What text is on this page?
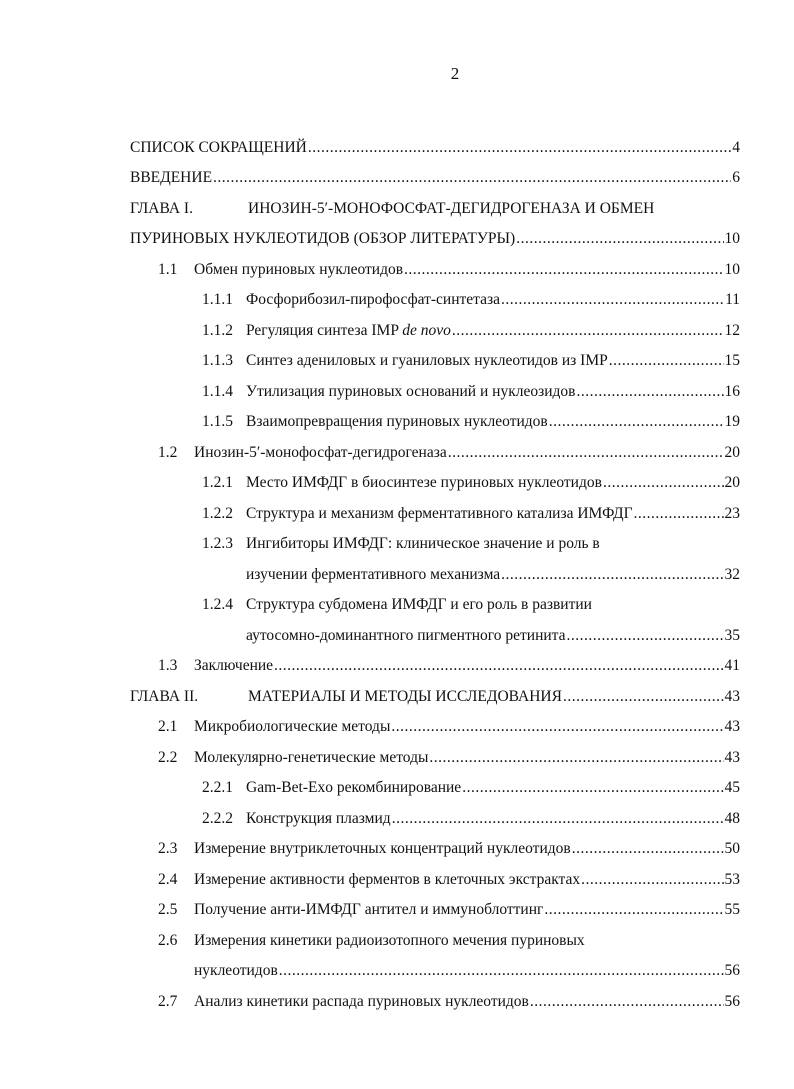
2
СПИСОК СОКРАЩЕНИЙ .....	4
ВВЕДЕНИЕ .....	6
ГЛАВА I.	ИНОЗИН-5′-МОНОФОСФАТ-ДЕГИДРОГЕНАЗА И ОБМЕН
ПУРИНОВЫХ НУКЛЕОТИДОВ (ОБЗОР ЛИТЕРАТУРЫ) .....	10
1.1	Обмен пуриновых нуклеотидов .....	10
1.1.1 Фосфорибозил-пирофосфат-синтетаза .....	11
1.1.2 Регуляция синтеза IMP de novo .....	12
1.1.3 Синтез адениловых и гуаниловых нуклеотидов из IMP .....	15
1.1.4 Утилизация пуриновых оснований и нуклеозидов .....	16
1.1.5 Взаимопревращения пуриновых нуклеотидов .....	19
1.2	Инозин-5′-монофосфат-дегидрогеназа .....	20
1.2.1 Место ИМФДГ в биосинтезе пуриновых нуклеотидов .....	20
1.2.2 Структура и механизм ферментативного катализа ИМФДГ .....	23
1.2.3 Ингибиторы ИМФДГ: клиническое значение и роль в
изучении ферментативного механизма .....	32
1.2.4 Структура субдомена ИМФДГ и его роль в развитии
аутосомно-доминантного пигментного ретинита .....	35
1.3	Заключение .....	41
ГЛАВА II.	МАТЕРИАЛЫ И МЕТОДЫ ИССЛЕДОВАНИЯ .....	43
2.1	Микробиологические методы .....	43
2.2	Молекулярно-генетические методы .....	43
2.2.1 Gam-Bet-Exo рекомбинирование .....	45
2.2.2 Конструкция плазмид .....	48
2.3	Измерение внутриклеточных концентраций нуклеотидов .....	50
2.4	Измерение активности ферментов в клеточных экстрактах .....	53
2.5	Получение анти-ИМФДГ антител и иммуноблоттинг .....	55
2.6	Измерения кинетики радиоизотопного мечения пуриновых
нуклеотидов .....	56
2.7	Анализ кинетики распада пуриновых нуклеотидов .....	56
